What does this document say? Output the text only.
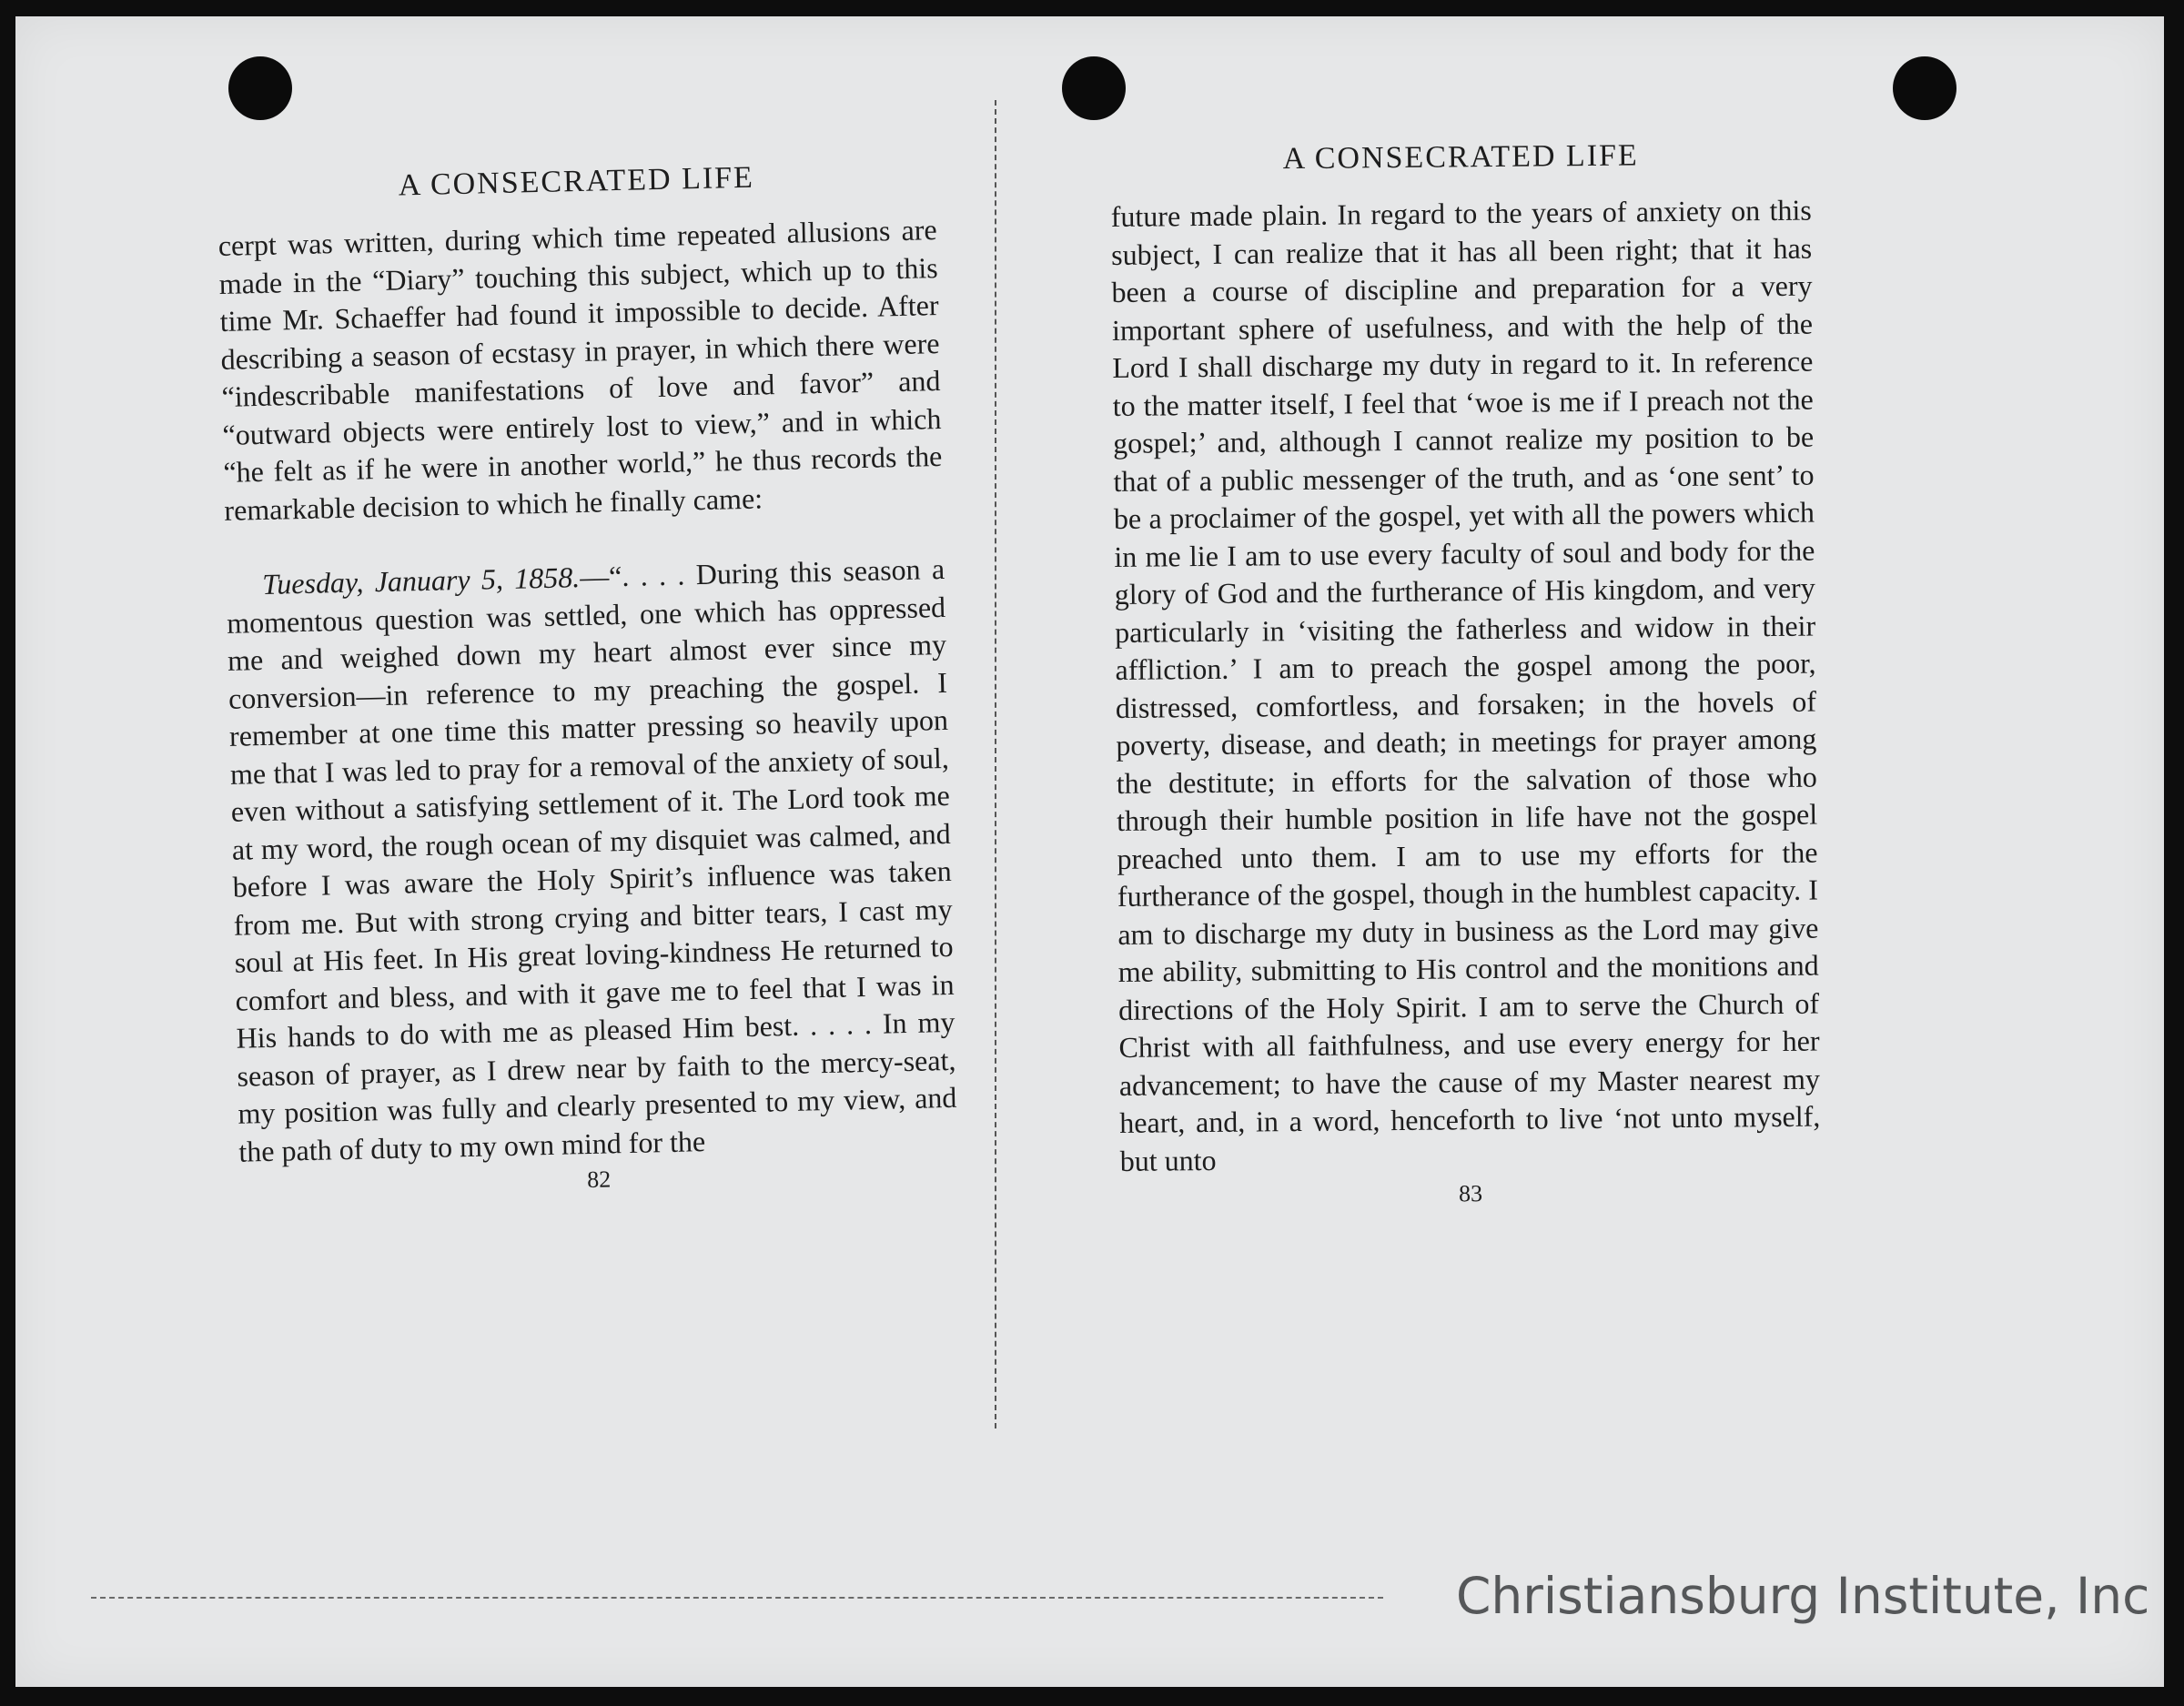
A CONSECRATED LIFE

cerpt was written, during which time repeated allusions are made in the “Diary” touching this subject, which up to this time Mr. Schaeffer had found it impossible to decide. After describing a season of ecstasy in prayer, in which there were “indescribable manifestations of love and favor” and “outward objects were entirely lost to view,” and in which “he felt as if he were in another world,” he thus records the remarkable decision to which he finally came:

Tuesday, January 5, 1858.—“. . . . During this season a momentous question was settled, one which has oppressed me and weighed down my heart almost ever since my conversion—in reference to my preaching the gospel. I remember at one time this matter pressing so heavily upon me that I was led to pray for a removal of the anxiety of soul, even without a satisfying settlement of it. The Lord took me at my word, the rough ocean of my disquiet was calmed, and before I was aware the Holy Spirit’s influence was taken from me. But with strong crying and bitter tears, I cast my soul at His feet. In His great loving-kindness He returned to comfort and bless, and with it gave me to feel that I was in His hands to do with me as pleased Him best. . . . . In my season of prayer, as I drew near by faith to the mercy-seat, my position was fully and clearly presented to my view, and the path of duty to my own mind for the

82
A CONSECRATED LIFE

future made plain. In regard to the years of anxiety on this subject, I can realize that it has all been right; that it has been a course of discipline and preparation for a very important sphere of usefulness, and with the help of the Lord I shall discharge my duty in regard to it. In reference to the matter itself, I feel that ‘woe is me if I preach not the gospel;’ and, although I cannot realize my position to be that of a public messenger of the truth, and as ‘one sent’ to be a proclaimer of the gospel, yet with all the powers which in me lie I am to use every faculty of soul and body for the glory of God and the furtherance of His kingdom, and very particularly in ‘visiting the fatherless and widow in their affliction.’ I am to preach the gospel among the poor, distressed, comfortless, and forsaken; in the hovels of poverty, disease, and death; in meetings for prayer among the destitute; in efforts for the salvation of those who through their humble position in life have not the gospel preached unto them. I am to use my efforts for the furtherance of the gospel, though in the humblest capacity. I am to discharge my duty in business as the Lord may give me ability, submitting to His control and the monitions and directions of the Holy Spirit. I am to serve the Church of Christ with all faithfulness, and use every energy for her advancement; to have the cause of my Master nearest my heart, and, in a word, henceforth to live ‘not unto myself, but unto

83
Christiansburg Institute, Inc
